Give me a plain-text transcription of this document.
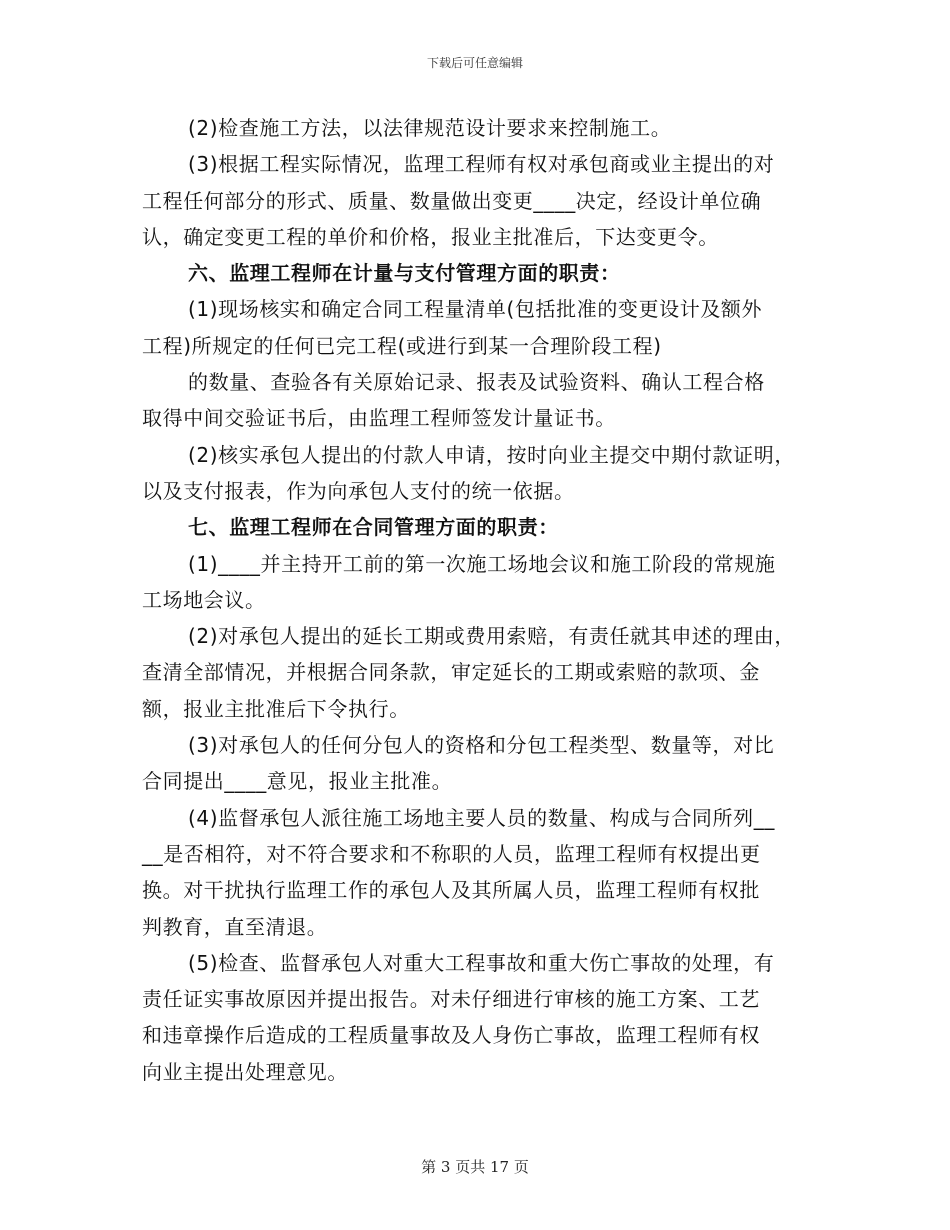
下载后可任意编辑
(2)检查施工方法，以法律规范设计要求来控制施工。
(3)根据工程实际情况，监理工程师有权对承包商或业主提出的对
工程任何部分的形式、质量、数量做出变更____决定，经设计单位确
认，确定变更工程的单价和价格，报业主批准后，下达变更令。
六、监理工程师在计量与支付管理方面的职责：
(1)现场核实和确定合同工程量清单(包括批准的变更设计及额外
工程)所规定的任何已完工程(或进行到某一合理阶段工程)
的数量、查验各有关原始记录、报表及试验资料、确认工程合格
取得中间交验证书后，由监理工程师签发计量证书。
(2)核实承包人提出的付款人申请，按时向业主提交中期付款证明，
以及支付报表，作为向承包人支付的统一依据。
七、监理工程师在合同管理方面的职责：
(1)____并主持开工前的第一次施工场地会议和施工阶段的常规施
工场地会议。
(2)对承包人提出的延长工期或费用索赔，有责任就其申述的理由，
查清全部情况，并根据合同条款，审定延长的工期或索赔的款项、金
额，报业主批准后下令执行。
(3)对承包人的任何分包人的资格和分包工程类型、数量等，对比
合同提出____意见，报业主批准。
(4)监督承包人派往施工场地主要人员的数量、构成与合同所列__
__是否相符，对不符合要求和不称职的人员，监理工程师有权提出更
换。对干扰执行监理工作的承包人及其所属人员，监理工程师有权批
判教育，直至清退。
(5)检查、监督承包人对重大工程事故和重大伤亡事故的处理，有
责任证实事故原因并提出报告。对未仔细进行审核的施工方案、工艺
和违章操作后造成的工程质量事故及人身伤亡事故，监理工程师有权
向业主提出处理意见。
第 3 页共 17 页
